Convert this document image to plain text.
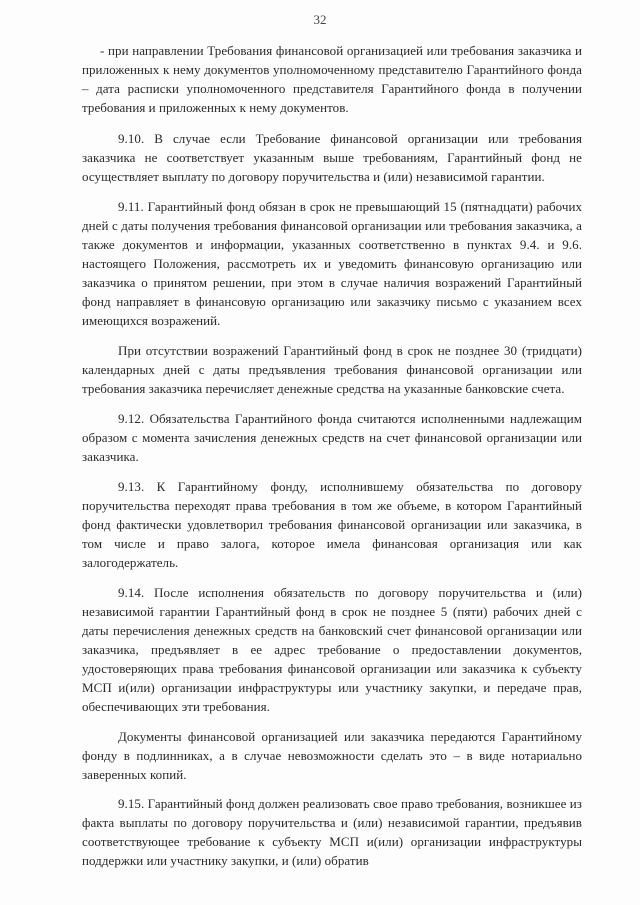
32

- при направлении Требования финансовой организацией или требования заказчика и приложенных к нему документов уполномоченному представителю Гарантийного фонда – дата расписки уполномоченного представителя Гарантийного фонда в получении требования и приложенных к нему документов.

9.10. В случае если Требование финансовой организации или требования заказчика не соответствует указанным выше требованиям, Гарантийный фонд не осуществляет выплату по договору поручительства и (или) независимой гарантии.

9.11. Гарантийный фонд обязан в срок не превышающий 15 (пятнадцати) рабочих дней с даты получения требования финансовой организации или требования заказчика, а также документов и информации, указанных соответственно в пунктах 9.4. и 9.6. настоящего Положения, рассмотреть их и уведомить финансовую организацию или заказчика о принятом решении, при этом в случае наличия возражений Гарантийный фонд направляет в финансовую организацию или заказчику письмо с указанием всех имеющихся возражений.

При отсутствии возражений Гарантийный фонд в срок не позднее 30 (тридцати) календарных дней с даты предъявления требования финансовой организации или требования заказчика перечисляет денежные средства на указанные банковские счета.

9.12. Обязательства Гарантийного фонда считаются исполненными надлежащим образом с момента зачисления денежных средств на счет финансовой организации или заказчика.

9.13. К Гарантийному фонду, исполнившему обязательства по договору поручительства переходят права требования в том же объеме, в котором Гарантийный фонд фактически удовлетворил требования финансовой организации или заказчика, в том числе и право залога, которое имела финансовая организация или как залогодержатель.

9.14. После исполнения обязательств по договору поручительства и (или) независимой гарантии Гарантийный фонд в срок не позднее 5 (пяти) рабочих дней с даты перечисления денежных средств на банковский счет финансовой организации или заказчика, предъявляет в ее адрес требование о предоставлении документов, удостоверяющих права требования финансовой организации или заказчика к субъекту МСП и(или) организации инфраструктуры или участнику закупки, и передаче прав, обеспечивающих эти требования.

Документы финансовой организацией или заказчика передаются Гарантийному фонду в подлинниках, а в случае невозможности сделать это – в виде нотариально заверенных копий.

9.15. Гарантийный фонд должен реализовать свое право требования, возникшее из факта выплаты по договору поручительства и (или) независимой гарантии, предъявив соответствующее требование к субъекту МСП и(или) организации инфраструктуры поддержки или участнику закупки, и (или) обратив
